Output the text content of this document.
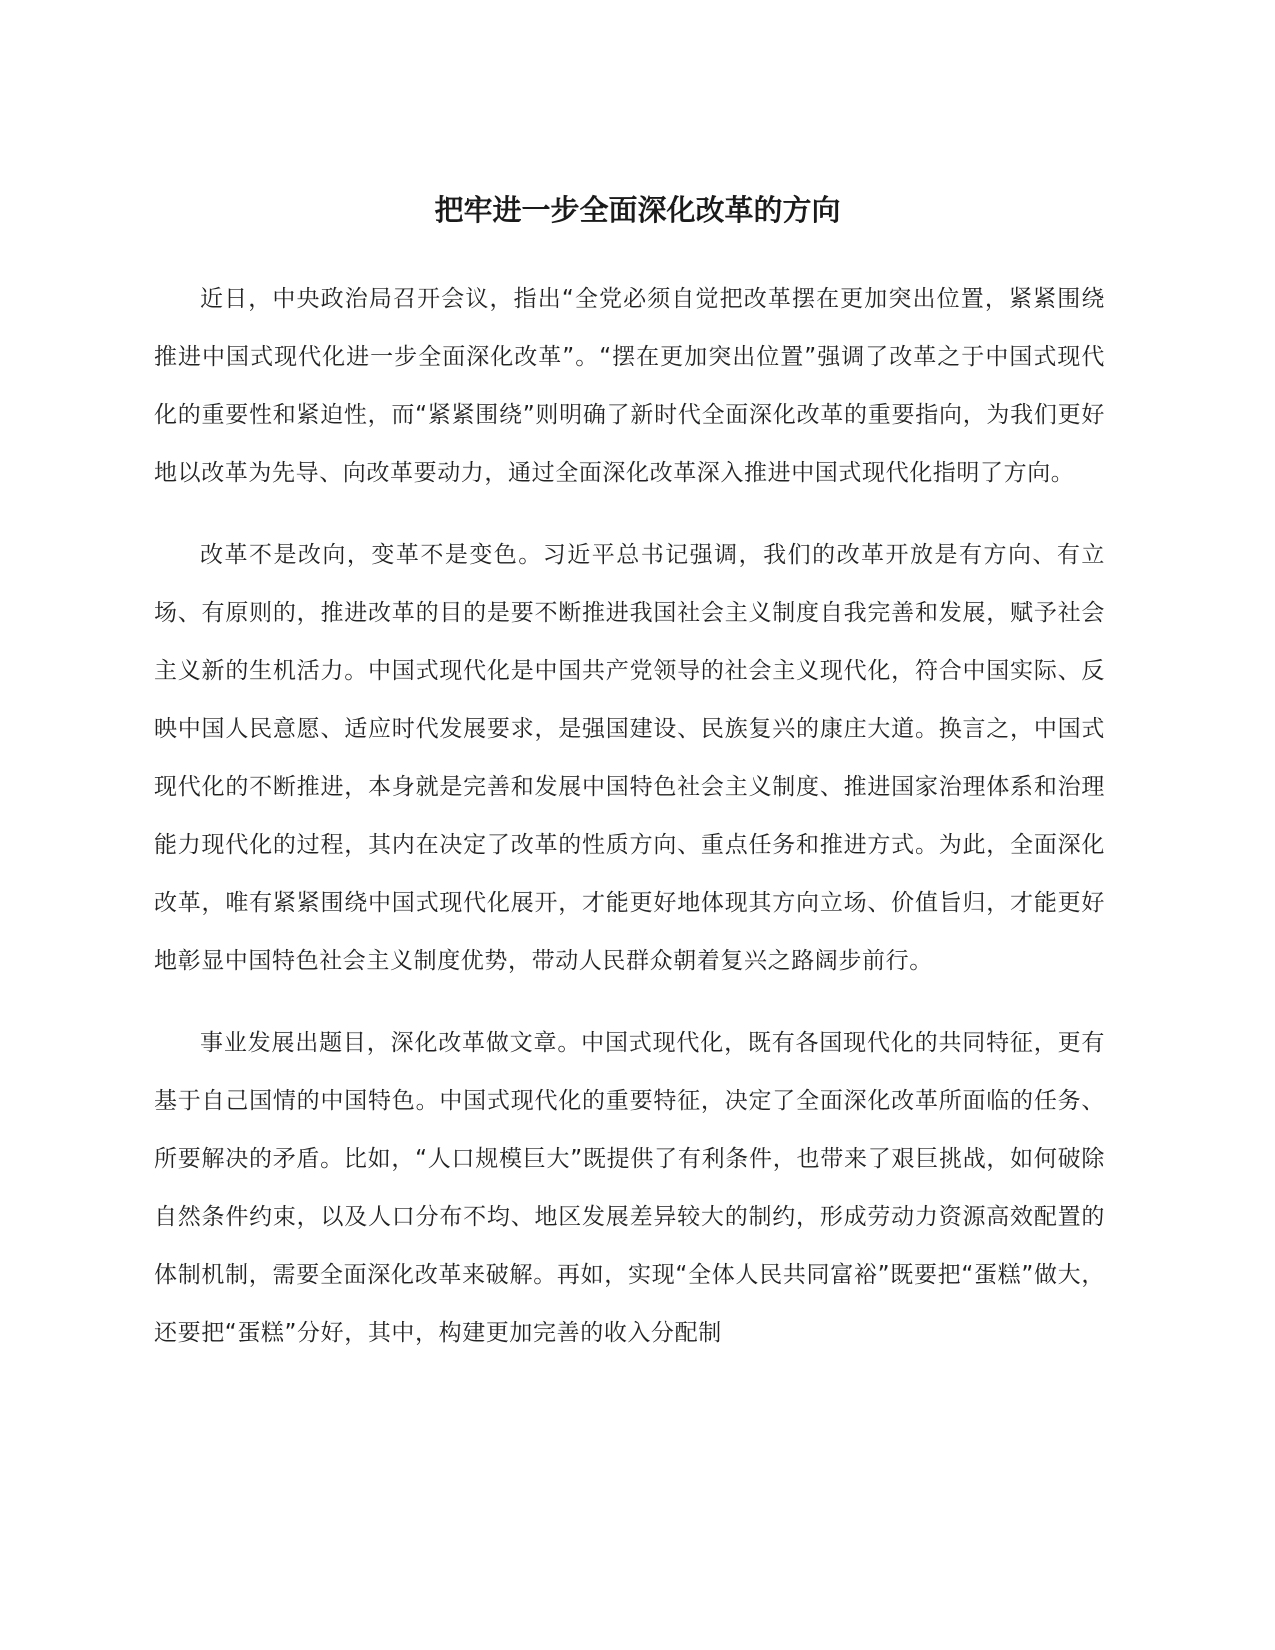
把牢进一步全面深化改革的方向

近日，中央政治局召开会议，指出“全党必须自觉把改革摆在更加突出位置，紧紧围绕推进中国式现代化进一步全面深化改革”。“摆在更加突出位置”强调了改革之于中国式现代化的重要性和紧迫性，而“紧紧围绕”则明确了新时代全面深化改革的重要指向，为我们更好地以改革为先导、向改革要动力，通过全面深化改革深入推进中国式现代化指明了方向。

改革不是改向，变革不是变色。习近平总书记强调，我们的改革开放是有方向、有立场、有原则的，推进改革的目的是要不断推进我国社会主义制度自我完善和发展，赋予社会主义新的生机活力。中国式现代化是中国共产党领导的社会主义现代化，符合中国实际、反映中国人民意愿、适应时代发展要求，是强国建设、民族复兴的康庄大道。换言之，中国式现代化的不断推进，本身就是完善和发展中国特色社会主义制度、推进国家治理体系和治理能力现代化的过程，其内在决定了改革的性质方向、重点任务和推进方式。为此，全面深化改革，唯有紧紧围绕中国式现代化展开，才能更好地体现其方向立场、价值旨归，才能更好地彰显中国特色社会主义制度优势，带动人民群众朝着复兴之路阔步前行。

事业发展出题目，深化改革做文章。中国式现代化，既有各国现代化的共同特征，更有基于自己国情的中国特色。中国式现代化的重要特征，决定了全面深化改革所面临的任务、所要解决的矛盾。比如，“人口规模巨大”既提供了有利条件，也带来了艰巨挑战，如何破除自然条件约束，以及人口分布不均、地区发展差异较大的制约，形成劳动力资源高效配置的体制机制，需要全面深化改革来破解。再如，实现“全体人民共同富裕”既要把“蛋糕”做大，还要把“蛋糕”分好，其中，构建更加完善的收入分配制
